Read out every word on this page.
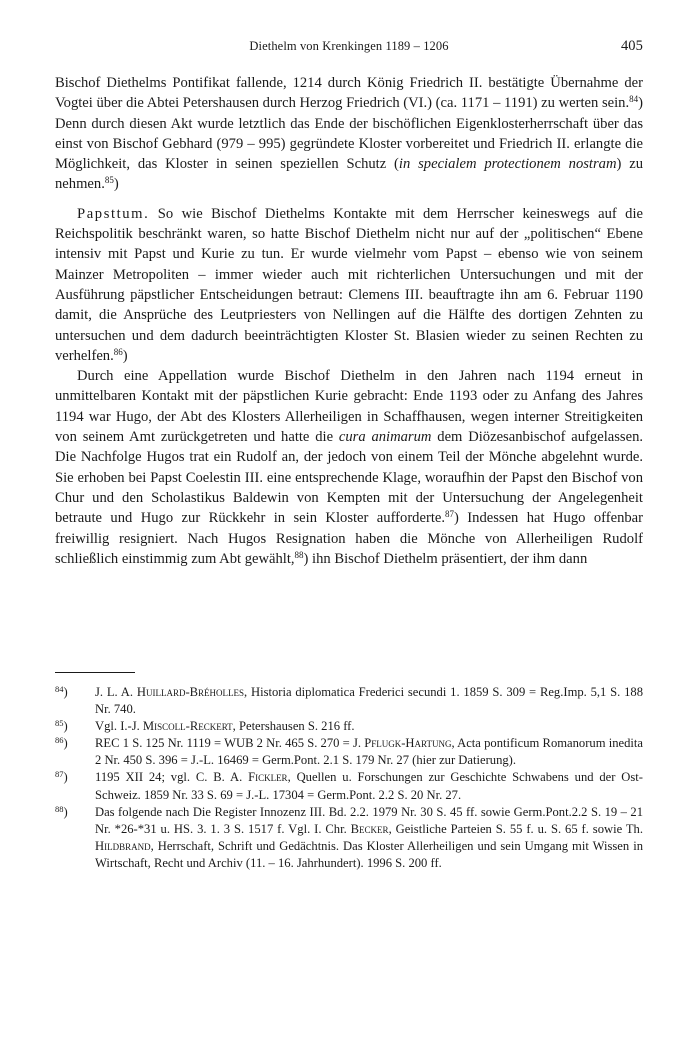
Diethelm von Krenkingen 1189 – 1206	405

Bischof Diethelms Pontifikat fallende, 1214 durch König Friedrich II. bestätigte Übernahme der Vogtei über die Abtei Petershausen durch Herzog Friedrich (VI.) (ca. 1171 – 1191) zu werten sein.$^{84}$) Denn durch diesen Akt wurde letztlich das Ende der bischöflichen Eigenklosterherrschaft über das einst von Bischof Gebhard (979 – 995) gegründete Kloster vorbereitet und Friedrich II. erlangte die Möglichkeit, das Kloster in seinen speziellen Schutz (in specialem protectionem nostram) zu nehmen.$^{85}$)

Papsttum. So wie Bischof Diethelms Kontakte mit dem Herrscher keineswegs auf die Reichspolitik beschränkt waren, so hatte Bischof Diethelm nicht nur auf der „politischen“ Ebene intensiv mit Papst und Kurie zu tun. Er wurde vielmehr vom Papst – ebenso wie von seinem Mainzer Metropoliten – immer wieder auch mit richterlichen Untersuchungen und mit der Ausführung päpstlicher Entscheidungen betraut: Clemens III. beauftragte ihn am 6. Februar 1190 damit, die Ansprüche des Leutpriesters von Nellingen auf die Hälfte des dortigen Zehnten zu untersuchen und dem dadurch beeinträchtigten Kloster St. Blasien wieder zu seinen Rechten zu verhelfen.$^{86}$)

Durch eine Appellation wurde Bischof Diethelm in den Jahren nach 1194 erneut in unmittelbaren Kontakt mit der päpstlichen Kurie gebracht: Ende 1193 oder zu Anfang des Jahres 1194 war Hugo, der Abt des Klosters Allerheiligen in Schaffhausen, wegen interner Streitigkeiten von seinem Amt zurückgetreten und hatte die cura animarum dem Diözesanbischof aufgelassen. Die Nachfolge Hugos trat ein Rudolf an, der jedoch von einem Teil der Mönche abgelehnt wurde. Sie erhoben bei Papst Coelestin III. eine entsprechende Klage, woraufhin der Papst den Bischof von Chur und den Scholastikus Baldewin von Kempten mit der Untersuchung der Angelegenheit betraute und Hugo zur Rückkehr in sein Kloster aufforderte.$^{87}$) Indessen hat Hugo offenbar freiwillig resigniert. Nach Hugos Resignation haben die Mönche von Allerheiligen Rudolf schließlich einstimmig zum Abt gewählt,$^{88}$) ihn Bischof Diethelm präsentiert, der ihm dann

$^{84}$)	J. L. A. Huillard-Bréholles, Historia diplomatica Frederici secundi 1. 1859 S. 309 = Reg.Imp. 5,1 S. 188 Nr. 740.
$^{85}$)	Vgl. I.-J. Miscoll-Reckert, Petershausen S. 216 ff.
$^{86}$)	REC 1 S. 125 Nr. 1119 = WUB 2 Nr. 465 S. 270 = J. Pflugk-Hartung, Acta pontificum Romanorum inedita 2 Nr. 450 S. 396 = J.-L. 16469 = Germ.Pont. 2.1 S. 179 Nr. 27 (hier zur Datierung).
$^{87}$)	1195 XII 24; vgl. C. B. A. Fickler, Quellen u. Forschungen zur Geschichte Schwabens und der Ost-Schweiz. 1859 Nr. 33 S. 69 = J.-L. 17304 = Germ.Pont. 2.2 S. 20 Nr. 27.
$^{88}$)	Das folgende nach Die Register Innozenz III. Bd. 2.2. 1979 Nr. 30 S. 45 ff. sowie Germ.Pont.2.2 S. 19 – 21 Nr. *26-*31 u. HS. 3. 1. 3 S. 1517 f. Vgl. I. Chr. Becker, Geistliche Parteien S. 55 f. u. S. 65 f. sowie Th. Hildbrand, Herrschaft, Schrift und Gedächtnis. Das Kloster Allerheiligen und sein Umgang mit Wissen in Wirtschaft, Recht und Archiv (11. – 16. Jahrhundert). 1996 S. 200 ff.
